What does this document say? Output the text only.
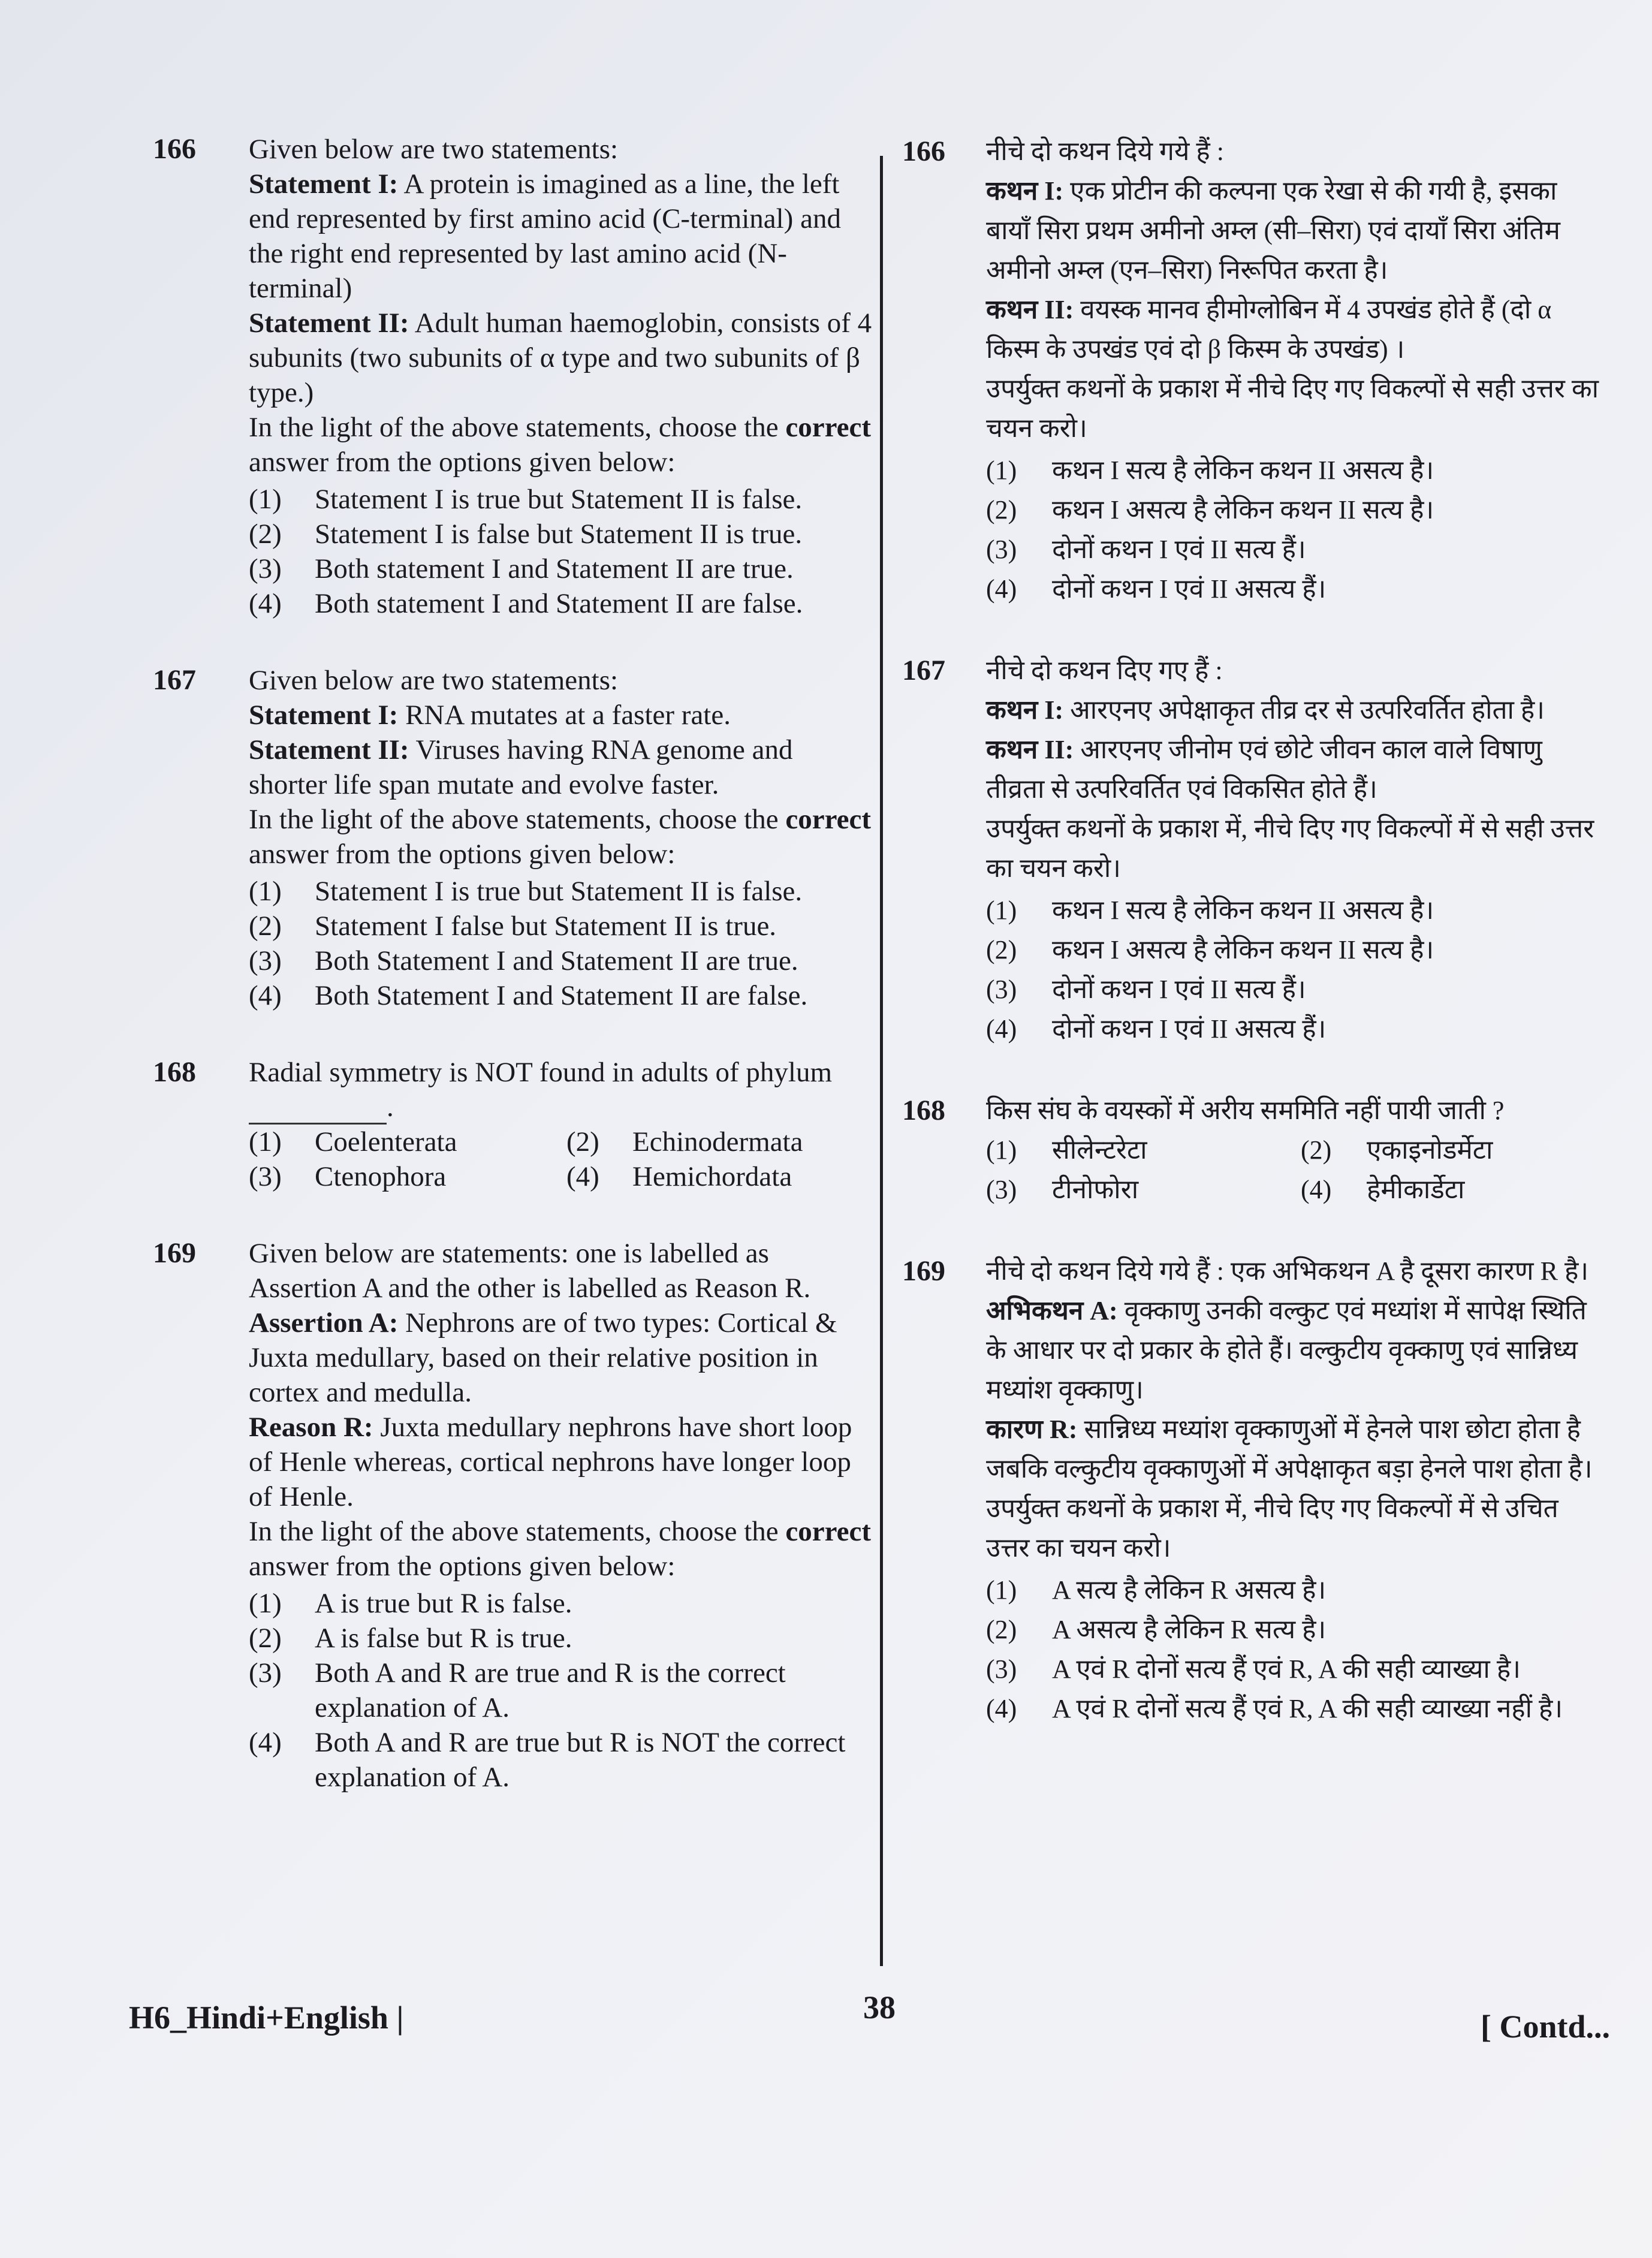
166 Given below are two statements:
Statement I: A protein is imagined as a line, the left end represented by first amino acid (C-terminal) and the right end represented by last amino acid (N-terminal)
Statement II: Adult human haemoglobin, consists of 4 subunits (two subunits of α type and two subunits of β type.)
In the light of the above statements, choose the correct answer from the options given below:
(1)	Statement I is true but Statement II is false.
(2)	Statement I is false but Statement II is true.
(3)	Both statement I and Statement II are true.
(4)	Both statement I and Statement II are false.
167 Given below are two statements:
Statement I: RNA mutates at a faster rate.
Statement II: Viruses having RNA genome and shorter life span mutate and evolve faster.
In the light of the above statements, choose the correct answer from the options given below:
(1)	Statement I is true but Statement II is false.
(2)	Statement I false but Statement II is true.
(3)	Both Statement I and Statement II are true.
(4)	Both Statement I and Statement II are false.
168 Radial symmetry is NOT found in adults of phylum .
(1)	Coelenterata	(2)	Echinodermata
(3)	Ctenophora	(4)	Hemichordata
169 Given below are statements: one is labelled as Assertion A and the other is labelled as Reason R.
Assertion A: Nephrons are of two types: Cortical & Juxta medullary, based on their relative position in cortex and medulla.
Reason R: Juxta medullary nephrons have short loop of Henle whereas, cortical nephrons have longer loop of Henle.
In the light of the above statements, choose the correct answer from the options given below:
(1)	A is true but R is false.
(2)	A is false but R is true.
(3)	Both A and R are true and R is the correct explanation of A.
(4)	Both A and R are true but R is NOT the correct explanation of A.
166 नीचे दो कथन दिये गये हैं :
कथन I: एक प्रोटीन की कल्पना एक रेखा से की गयी है, इसका बायाँ सिरा प्रथम अमीनो अम्ल (सी–सिरा) एवं दायाँ सिरा अंतिम अमीनो अम्ल (एन–सिरा) निरूपित करता है।
कथन II: वयस्क मानव हीमोग्लोबिन में 4 उपखंड होते हैं (दो α किस्म के उपखंड एवं दो β किस्म के उपखंड) ।
उपर्युक्त कथनों के प्रकाश में नीचे दिए गए विकल्पों से सही उत्तर का चयन करो।
(1)	कथन I सत्य है लेकिन कथन II असत्य है।
(2)	कथन I असत्य है लेकिन कथन II सत्य है।
(3)	दोनों कथन I एवं II सत्य हैं।
(4)	दोनों कथन I एवं II असत्य हैं।
167 नीचे दो कथन दिए गए हैं :
कथन I: आरएनए अपेक्षाकृत तीव्र दर से उत्परिवर्तित होता है।
कथन II: आरएनए जीनोम एवं छोटे जीवन काल वाले विषाणु तीव्रता से उत्परिवर्तित एवं विकसित होते हैं।
उपर्युक्त कथनों के प्रकाश में, नीचे दिए गए विकल्पों में से सही उत्तर का चयन करो।
(1)	कथन I सत्य है लेकिन कथन II असत्य है।
(2)	कथन I असत्य है लेकिन कथन II सत्य है।
(3)	दोनों कथन I एवं II सत्य हैं।
(4)	दोनों कथन I एवं II असत्य हैं।
168 किस संघ के वयस्कों में अरीय सममिति नहीं पायी जाती ?
(1)	सीलेन्टरेटा	(2)	एकाइनोडर्मेटा
(3)	टीनोफोरा	(4)	हेमीकार्डेटा
169 नीचे दो कथन दिये गये हैं : एक अभिकथन A है दूसरा कारण R है।
अभिकथन A: वृक्काणु उनकी वल्कुट एवं मध्यांश में सापेक्ष स्थिति के आधार पर दो प्रकार के होते हैं। वल्कुटीय वृक्काणु एवं सान्निध्य मध्यांश वृक्काणु।
कारण R: सान्निध्य मध्यांश वृक्काणुओं में हेनले पाश छोटा होता है जबकि वल्कुटीय वृक्काणुओं में अपेक्षाकृत बड़ा हेनले पाश होता है।
उपर्युक्त कथनों के प्रकाश में, नीचे दिए गए विकल्पों में से उचित उत्तर का चयन करो।
(1)	A सत्य है लेकिन R असत्य है।
(2)	A असत्य है लेकिन R सत्य है।
(3)	A एवं R दोनों सत्य हैं एवं R, A की सही व्याख्या है।
(4)	A एवं R दोनों सत्य हैं एवं R, A की सही व्याख्या नहीं है।
H6_Hindi+English |	38
[ Contd...
